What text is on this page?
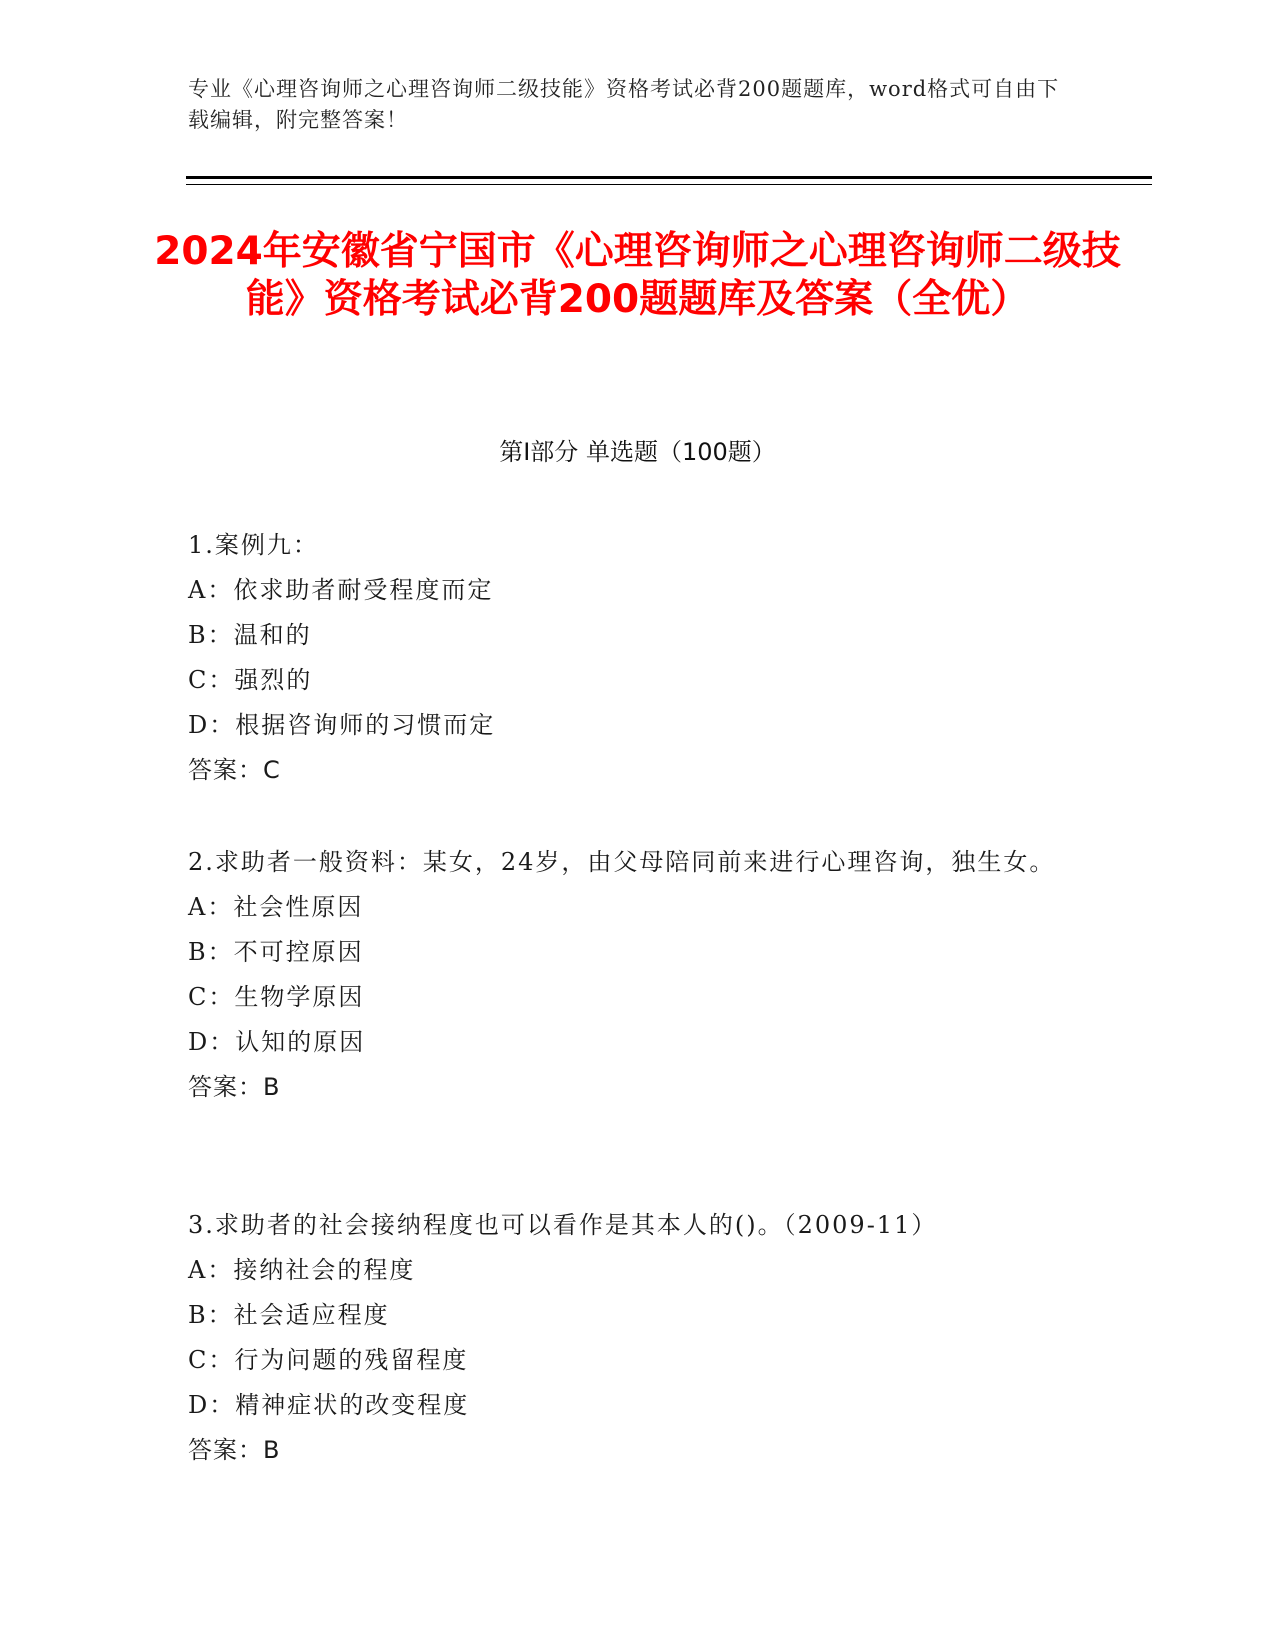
专业《心理咨询师之心理咨询师二级技能》资格考试必背200题题库，word格式可自由下载编辑，附完整答案！
2024年安徽省宁国市《心理咨询师之心理咨询师二级技能》资格考试必背200题题库及答案（全优）
第Ⅰ部分 单选题（100题）
1.案例九：
A：依求助者耐受程度而定
B：温和的
C：强烈的
D：根据咨询师的习惯而定
答案：C
2.求助者一般资料：某女，24岁，由父母陪同前来进行心理咨询，独生女。
A：社会性原因
B：不可控原因
C：生物学原因
D：认知的原因
答案：B
3.求助者的社会接纳程度也可以看作是其本人的()。（2009-11）
A：接纳社会的程度
B：社会适应程度
C：行为问题的残留程度
D：精神症状的改变程度
答案：B
